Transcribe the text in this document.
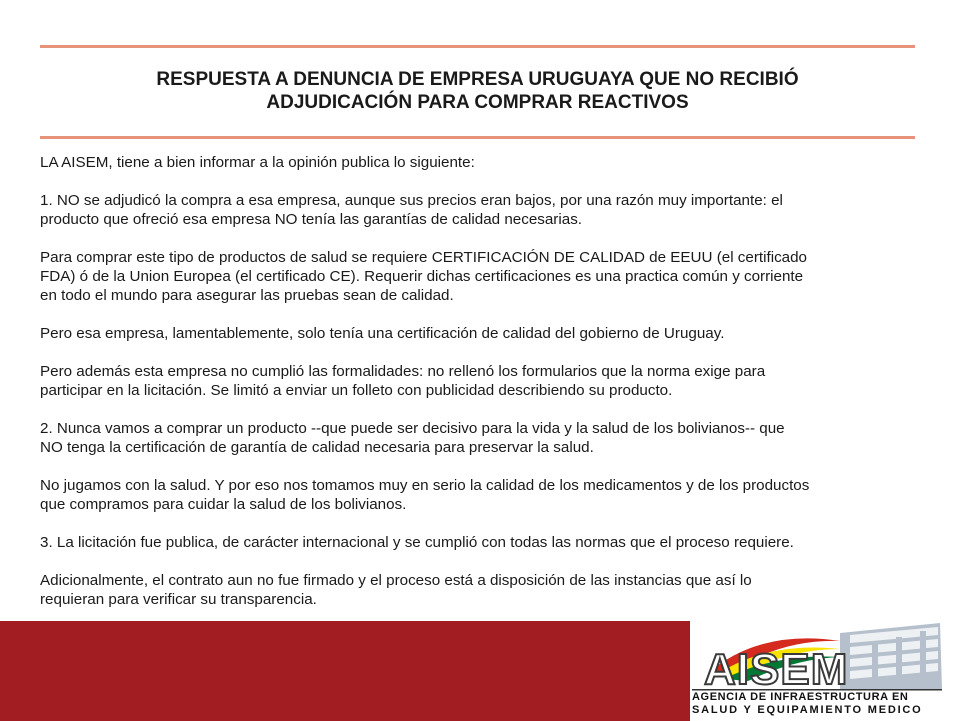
RESPUESTA A DENUNCIA DE EMPRESA URUGUAYA QUE NO RECIBIÓ
ADJUDICACIÓN PARA COMPRAR REACTIVOS

LA AISEM, tiene a bien informar a la opinión publica lo siguiente:

1. NO se adjudicó la compra a esa empresa, aunque sus precios eran bajos, por una razón muy importante: el
producto que ofreció esa empresa NO tenía las garantías de calidad necesarias.

Para comprar este tipo de productos de salud se requiere CERTIFICACIÓN DE CALIDAD de EEUU (el certificado
FDA) ó de la Union Europea (el certificado CE). Requerir dichas certificaciones es una practica común y corriente
en todo el mundo para asegurar las pruebas sean de calidad.

Pero esa empresa, lamentablemente, solo tenía una certificación de calidad del gobierno de Uruguay.

Pero además esta empresa no cumplió las formalidades: no rellenó los formularios que la norma exige para
participar en la licitación. Se limitó a enviar un folleto con publicidad describiendo su producto.

2. Nunca vamos a comprar un producto --que puede ser decisivo para la vida y la salud de los bolivianos-- que
NO tenga la certificación de garantía de calidad necesaria para preservar la salud.

No jugamos con la salud. Y por eso nos tomamos muy en serio la calidad de los medicamentos y de los productos
que compramos para cuidar la salud de los bolivianos.

3. La licitación fue publica, de carácter internacional y se cumplió con todas las normas que el proceso requiere.

Adicionalmente, el contrato aun no fue firmado y el proceso está a disposición de las instancias que así lo
requieran para verificar su transparencia.

AISEM
AGENCIA DE INFRAESTRUCTURA EN
SALUD Y EQUIPAMIENTO MEDICO
